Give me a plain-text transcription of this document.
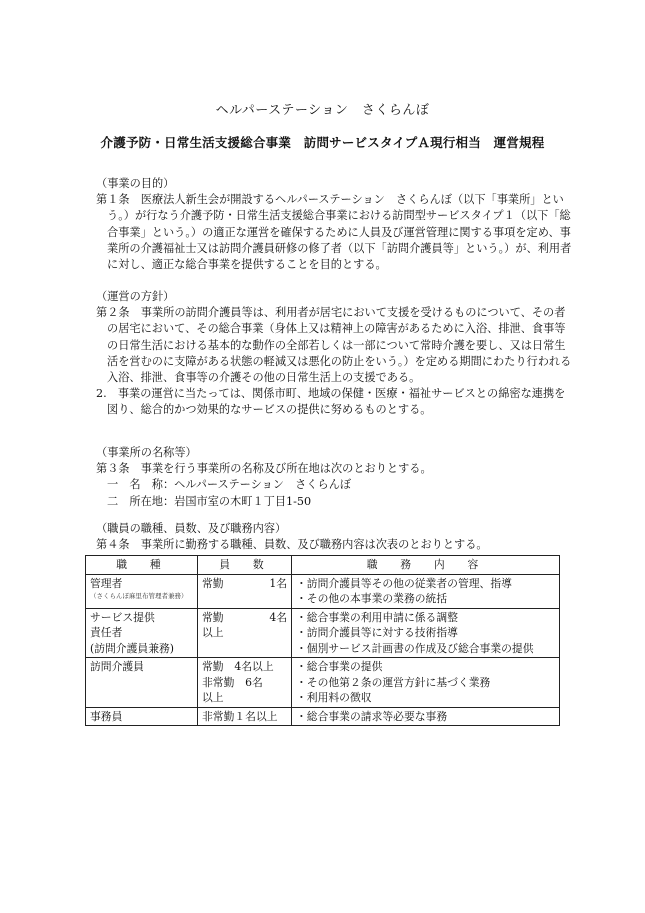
ヘルパーステーション　さくらんぼ
介護予防・日常生活支援総合事業　訪問サービスタイプＡ現行相当　運営規程

（事業の目的）

第１条　医療法人新生会が開設するヘルパーステーション　さくらんぼ（以下「事業所」という。）が行なう介護予防・日常生活支援総合事業における訪問型サービスタイプ１（以下「総合事業」という。）の適正な運営を確保するために人員及び運営管理に関する事項を定め、事業所の介護福祉士又は訪問介護員研修の修了者（以下「訪問介護員等」という。）が、利用者に対し、適正な総合事業を提供することを目的とする。

（運営の方針）

第２条　事業所の訪問介護員等は、利用者が居宅において支援を受けるものについて、その者の居宅において、その総合事業（身体上又は精神上の障害があるために入浴、排泄、食事等の日常生活における基本的な動作の全部若しくは一部について常時介護を要し、又は日常生活を営むのに支障がある状態の軽減又は悪化の防止をいう。）を定める期間にわたり行われる入浴、排泄、食事等の介護その他の日常生活上の支援である。

2.　事業の運営に当たっては、関係市町、地域の保健・医療・福祉サービスとの綿密な連携を図り、総合的かつ効果的なサービスの提供に努めるものとする。

（事業所の名称等）

第３条　事業を行う事業所の名称及び所在地は次のとおりとする。

一　名　称：ヘルパーステーション　さくらんぼ

二　所在地：岩国市室の木町１丁目1-50

（職員の職種、員数、及び職務内容）

第４条　事業所に勤務する職種、員数、及び職務内容は次表のとおりとする。

職　種	員　数	職　務　内　容

管理者
（さくらんぼ麻里布管理者兼務）	常勤 1名	・訪問介護員等その他の従業者の管理、指導
・その他の本事業の業務の統括

サービス提供
責任者
(訪問介護員兼務)	常勤 4名
以上	・総合事業の利用申請に係る調整
・訪問介護員等に対する技術指導
・個別サービス計画書の作成及び総合事業の提供

訪問介護員	常勤　4名以上
非常勤　6名
以上	・総合事業の提供
・その他第２条の運営方針に基づく業務
・利用料の徴収

事務員	非常勤１名以上	・総合事業の請求等必要な事務
